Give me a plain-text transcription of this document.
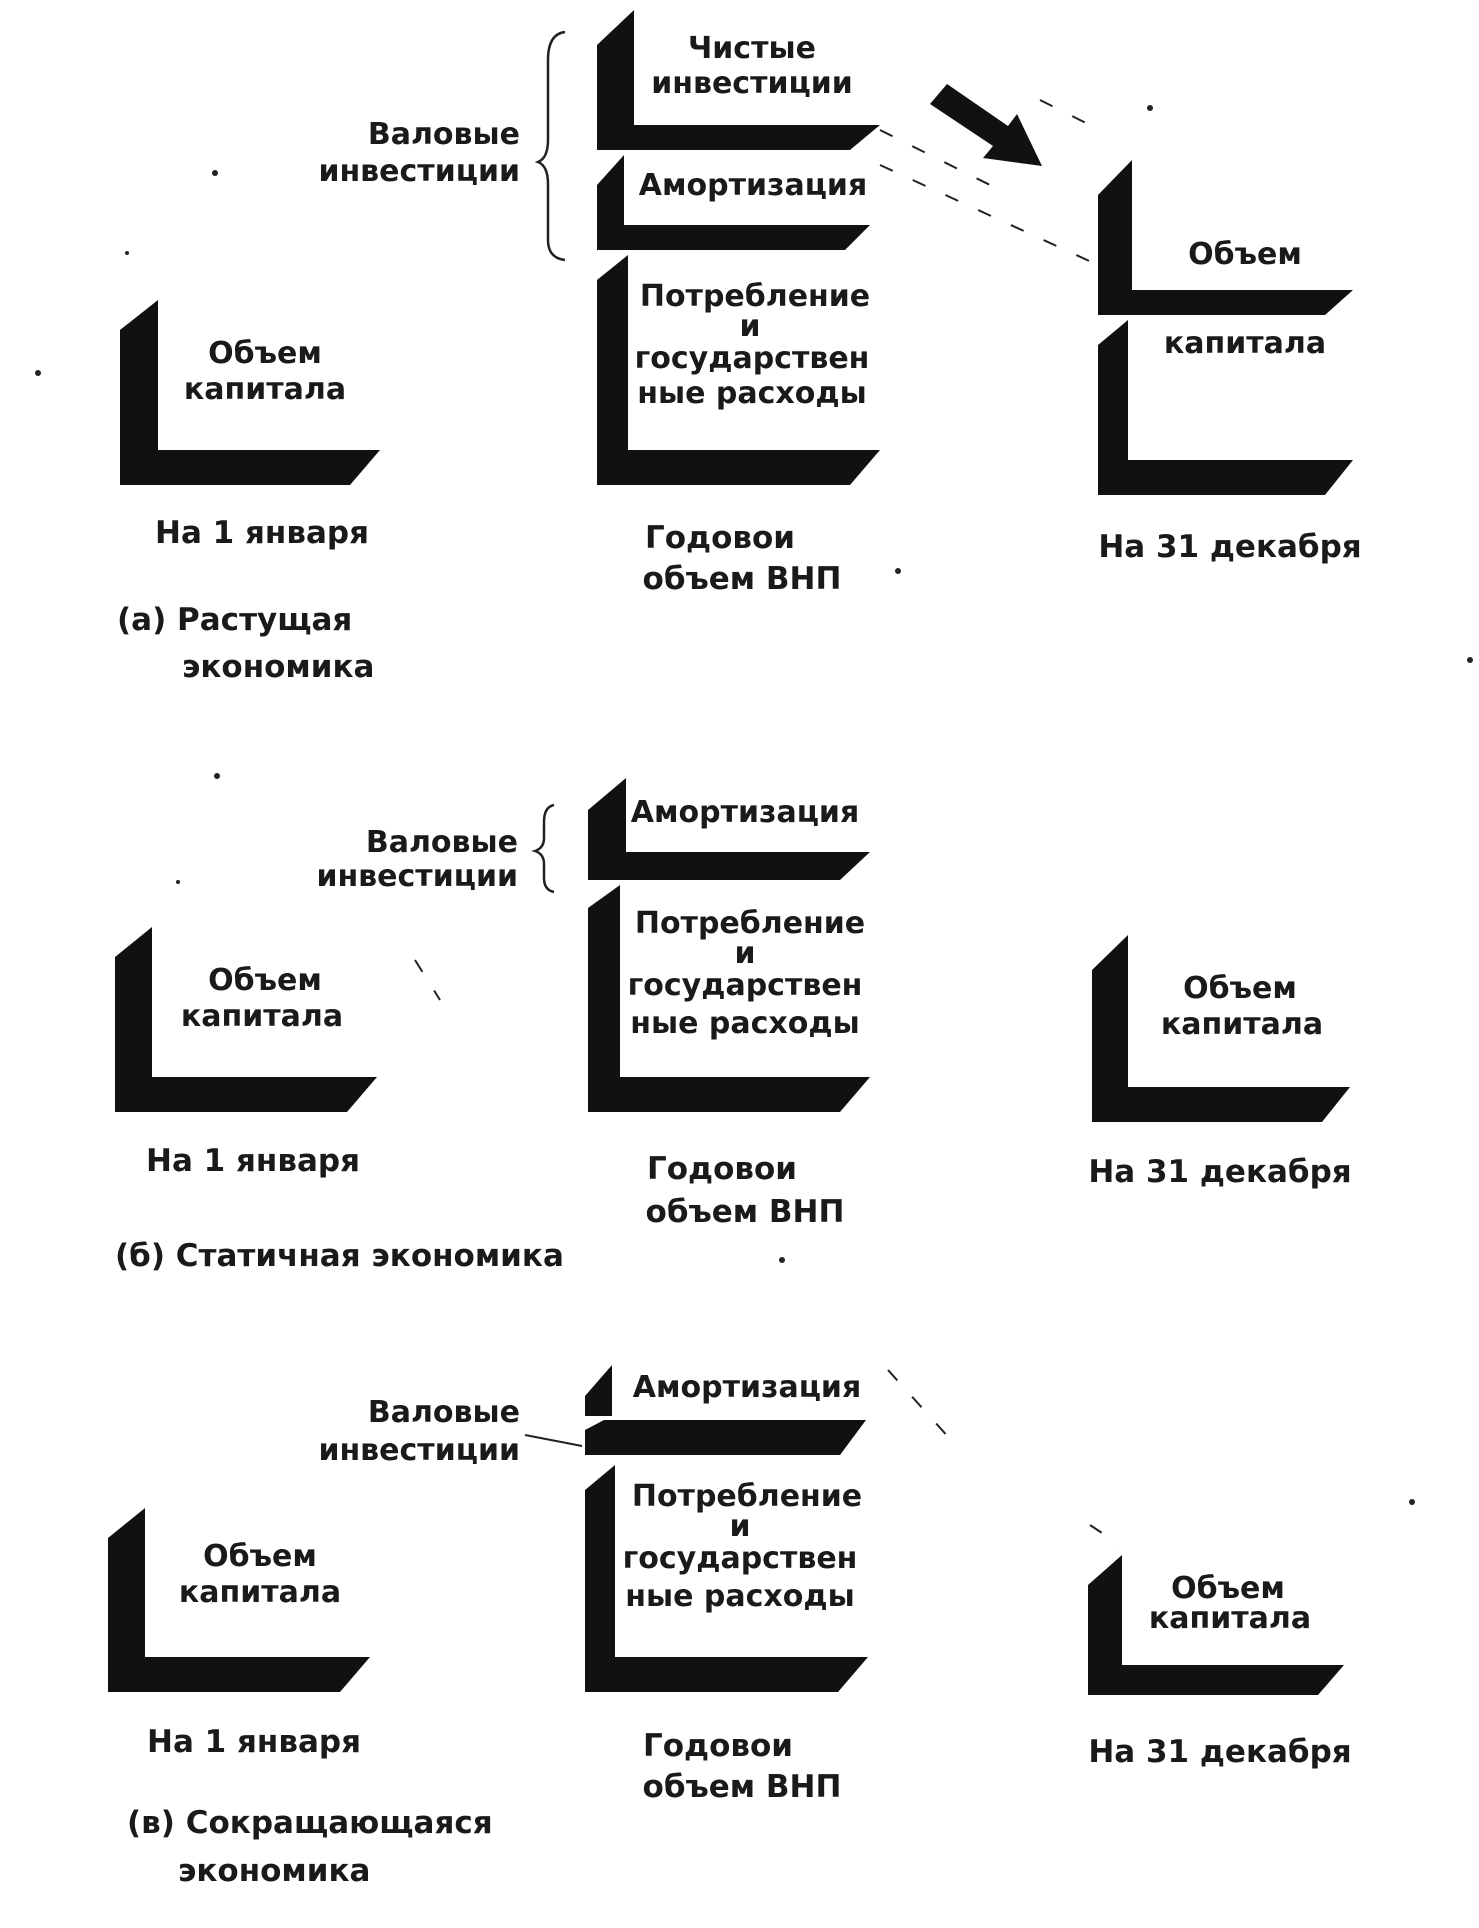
Объем
капитала
На 1 января
Чистые
инвестиции
Амортизация
Потребление
и
государствен
ные расходы
Годовои
объем ВНП
Валовые
инвестиции
Объем
капитала
На 31 декабря
(а) Растущая
экономика
Объем
капитала
На 1 января
Амортизация
Потребление
и
государствен
ные расходы
Годовои
объем ВНП
Валовые
инвестиции
Объем
капитала
На 31 декабря
(б) Статичная экономика
Объем
капитала
На 1 января
Амортизация
Потребление
и
государствен
ные расходы
Годовои
объем ВНП
Валовые
инвестиции
Объем
капитала
На 31 декабря
(в) Сокращающаяся
экономика
